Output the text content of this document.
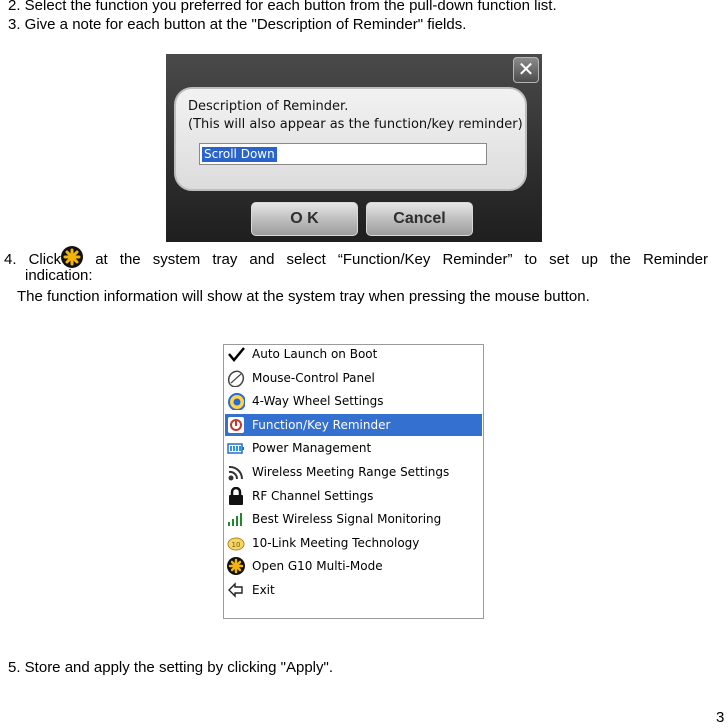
2. Select the function you preferred for each button from the pull-down function list.
3. Give a note for each button at the "Description of Reminder" fields.
✕
Description of Reminder.
(This will also appear as the function/key reminder)
Scroll Down
O K	Cancel
4. Click at the system tray and select “Function/Key Reminder” to set up the Reminder
indication:
The function information will show at the system tray when pressing the mouse button.
Auto Launch on Boot
Mouse-Control Panel
4-Way Wheel Settings
Function/Key Reminder
Power Management
Wireless Meeting Range Settings
RF Channel Settings
Best Wireless Signal Monitoring
10 10-Link Meeting Technology
Open G10 Multi-Mode
Exit
5. Store and apply the setting by clicking "Apply".
3
